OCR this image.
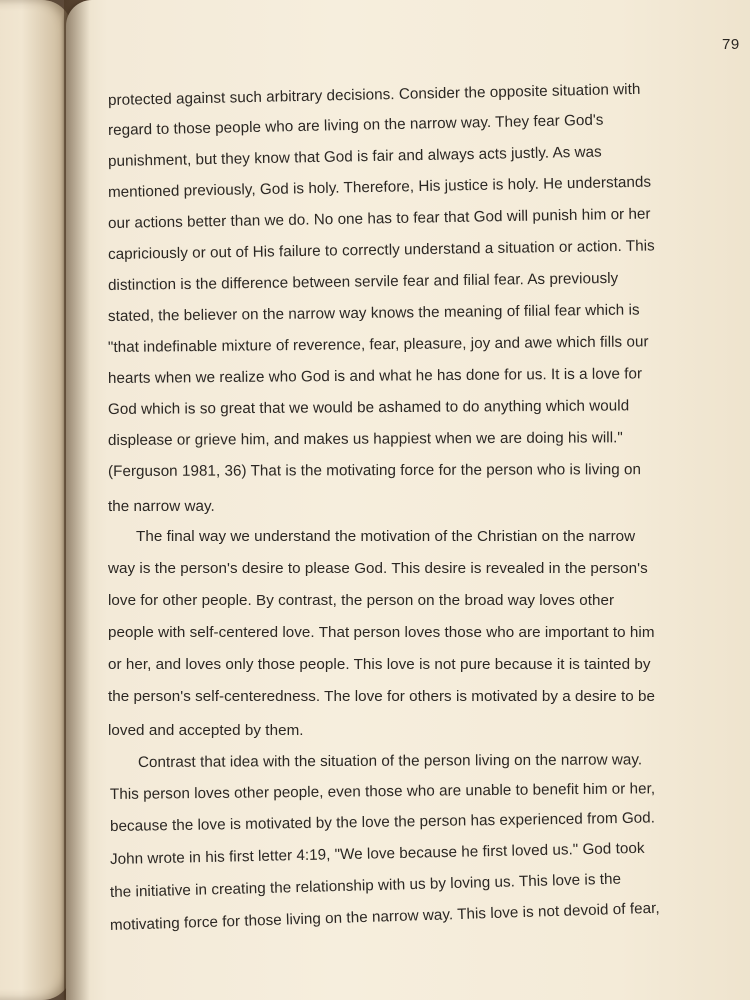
79
protected against such arbitrary decisions. Consider the opposite situation with
regard to those people who are living on the narrow way. They fear God's
punishment, but they know that God is fair and always acts justly. As was
mentioned previously, God is holy. Therefore, His justice is holy. He understands
our actions better than we do. No one has to fear that God will punish him or her
capriciously or out of His failure to correctly understand a situation or action. This
distinction is the difference between servile fear and filial fear. As previously
stated, the believer on the narrow way knows the meaning of filial fear which is
"that indefinable mixture of reverence, fear, pleasure, joy and awe which fills our
hearts when we realize who God is and what he has done for us. It is a love for
God which is so great that we would be ashamed to do anything which would
displease or grieve him, and makes us happiest when we are doing his will."
(Ferguson 1981, 36) That is the motivating force for the person who is living on
the narrow way.
The final way we understand the motivation of the Christian on the narrow
way is the person's desire to please God. This desire is revealed in the person's
love for other people. By contrast, the person on the broad way loves other
people with self-centered love. That person loves those who are important to him
or her, and loves only those people. This love is not pure because it is tainted by
the person's self-centeredness. The love for others is motivated by a desire to be
loved and accepted by them.
Contrast that idea with the situation of the person living on the narrow way.
This person loves other people, even those who are unable to benefit him or her,
because the love is motivated by the love the person has experienced from God.
John wrote in his first letter 4:19, "We love because he first loved us." God took
the initiative in creating the relationship with us by loving us. This love is the
motivating force for those living on the narrow way. This love is not devoid of fear,
